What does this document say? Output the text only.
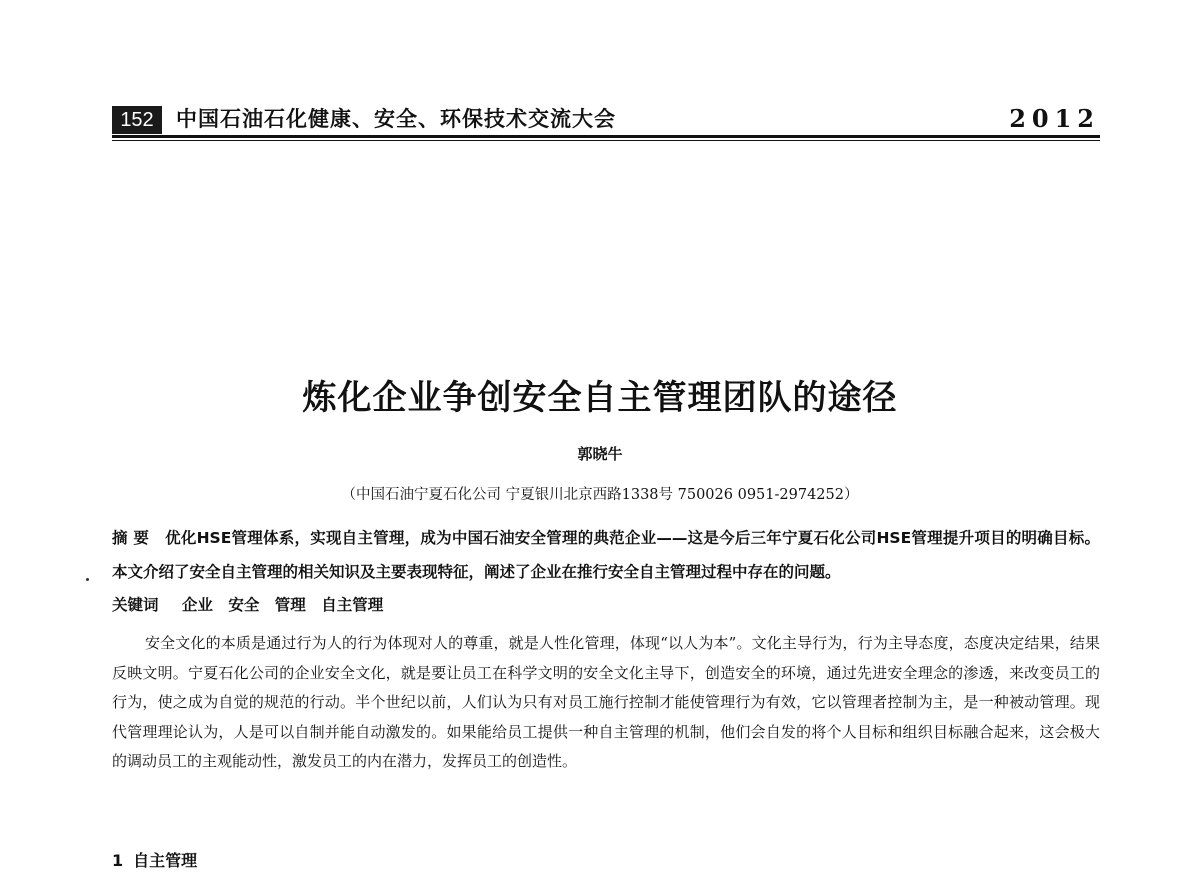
152	中国石油石化健康、安全、环保技术交流大会	2012
炼化企业争创安全自主管理团队的途径
郭晓牛
（中国石油宁夏石化公司 宁夏银川北京西路1338号 750026 0951-2974252）
摘 要 优化HSE管理体系，实现自主管理，成为中国石油安全管理的典范企业——这是今后三年宁夏石化公司HSE管理提升项目的明确目标。本文介绍了安全自主管理的相关知识及主要表现特征，阐述了企业在推行安全自主管理过程中存在的问题。
关键词 企业 安全 管理 自主管理

安全文化的本质是通过行为人的行为体现对人的尊重，就是人性化管理，体现“以人为本”。文化主导行为，行为主导态度，态度决定结果，结果反映文明。宁夏石化公司的企业安全文化，就是要让员工在科学文明的安全文化主导下，创造安全的环境，通过先进安全理念的渗透，来改变员工的行为，使之成为自觉的规范的行动。半个世纪以前，人们认为只有对员工施行控制才能使管理行为有效，它以管理者控制为主，是一种被动管理。现代管理理论认为，人是可以自制并能自动激发的。如果能给员工提供一种自主管理的机制，他们会自发的将个人目标和组织目标融合起来，这会极大的调动员工的主观能动性，激发员工的内在潜力，发挥员工的创造性。

1 自主管理
